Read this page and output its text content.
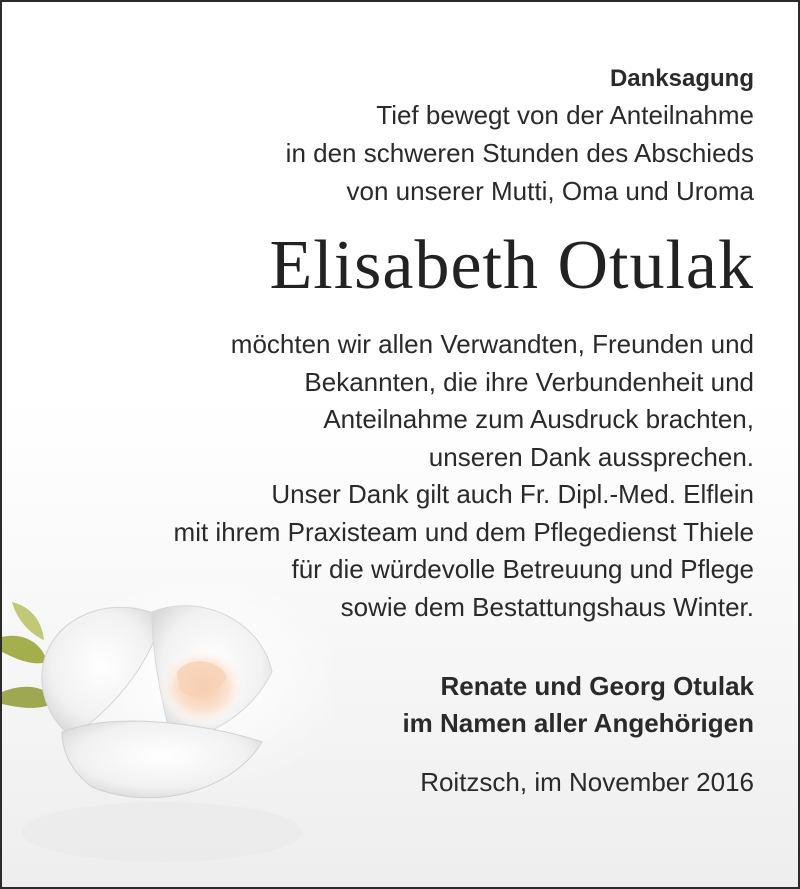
Danksagung

Tief bewegt von der Anteilnahme
in den schweren Stunden des Abschieds
von unserer Mutti, Oma und Uroma

Elisabeth Otulak

möchten wir allen Verwandten, Freunden und
Bekannten, die ihre Verbundenheit und
Anteilnahme zum Ausdruck brachten,
unseren Dank aussprechen.
Unser Dank gilt auch Fr. Dipl.-Med. Elflein
mit ihrem Praxisteam und dem Pflegedienst Thiele
für die würdevolle Betreuung und Pflege
sowie dem Bestattungshaus Winter.

Renate und Georg Otulak

im Namen aller Angehörigen

Roitzsch, im November 2016
